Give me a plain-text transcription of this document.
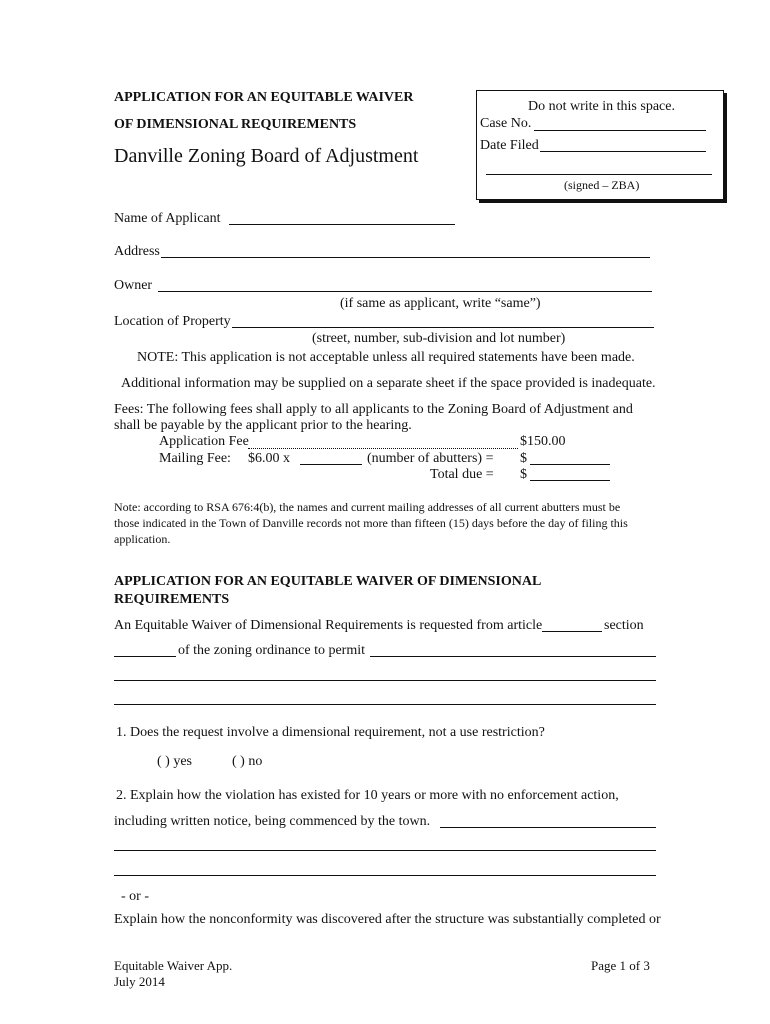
APPLICATION FOR AN EQUITABLE WAIVER
OF DIMENSIONAL REQUIREMENTS
Danville Zoning Board of Adjustment
Do not write in this space.
Case No.
Date Filed
(signed – ZBA)
Name of Applicant
Address
Owner
(if same as applicant, write “same”)
Location of Property
(street, number, sub-division and lot number)
NOTE: This application is not acceptable unless all required statements have been made.
Additional information may be supplied on a separate sheet if the space provided is inadequate.
Fees: The following fees shall apply to all applicants to the Zoning Board of Adjustment and
shall be payable by the applicant prior to the hearing.
Application Fee	$150.00
Mailing Fee: $6.00 x	(number of abutters) = $
Total due = $
Note: according to RSA 676:4(b), the names and current mailing addresses of all current abutters must be
those indicated in the Town of Danville records not more than fifteen (15) days before the day of filing this
application.
APPLICATION FOR AN EQUITABLE WAIVER OF DIMENSIONAL
REQUIREMENTS
An Equitable Waiver of Dimensional Requirements is requested from article	section
of the zoning ordinance to permit
1. Does the request involve a dimensional requirement, not a use restriction?
( ) yes	( ) no
2. Explain how the violation has existed for 10 years or more with no enforcement action,
including written notice, being commenced by the town.
- or -
Explain how the nonconformity was discovered after the structure was substantially completed or
Equitable Waiver App.
July 2014
Page 1 of 3
